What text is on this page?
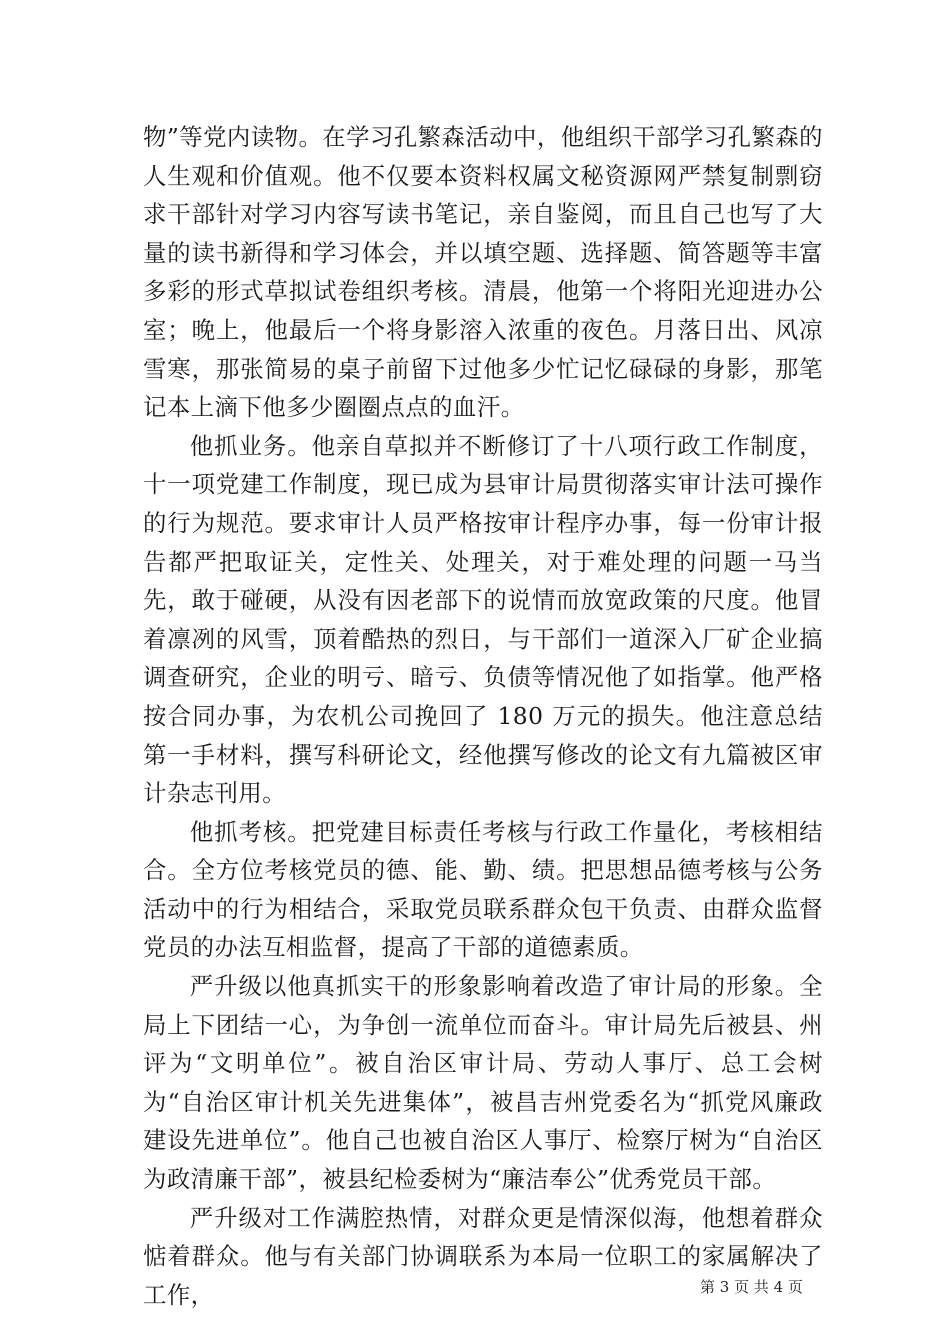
物”等党内读物。在学习孔繁森活动中，他组织干部学习孔繁森的人生观和价值观。他不仅要本资料权属文秘资源网严禁复制剽窃求干部针对学习内容写读书笔记，亲自鉴阅，而且自己也写了大量的读书新得和学习体会，并以填空题、选择题、简答题等丰富多彩的形式草拟试卷组织考核。清晨，他第一个将阳光迎进办公室；晚上，他最后一个将身影溶入浓重的夜色。月落日出、风凉雪寒，那张简易的桌子前留下过他多少忙记忆碌碌的身影，那笔记本上滴下他多少圈圈点点的血汗。

他抓业务。他亲自草拟并不断修订了十八项行政工作制度，十一项党建工作制度，现已成为县审计局贯彻落实审计法可操作的行为规范。要求审计人员严格按审计程序办事，每一份审计报告都严把取证关，定性关、处理关，对于难处理的问题一马当先，敢于碰硬，从没有因老部下的说情而放宽政策的尺度。他冒着凛冽的风雪，顶着酷热的烈日，与干部们一道深入厂矿企业搞调查研究，企业的明亏、暗亏、负债等情况他了如指掌。他严格按合同办事，为农机公司挽回了 180 万元的损失。他注意总结第一手材料，撰写科研论文，经他撰写修改的论文有九篇被区审计杂志刊用。

他抓考核。把党建目标责任考核与行政工作量化，考核相结合。全方位考核党员的德、能、勤、绩。把思想品德考核与公务活动中的行为相结合，采取党员联系群众包干负责、由群众监督党员的办法互相监督，提高了干部的道德素质。

严升级以他真抓实干的形象影响着改造了审计局的形象。全局上下团结一心，为争创一流单位而奋斗。审计局先后被县、州评为“文明单位”。被自治区审计局、劳动人事厅、总工会树为“自治区审计机关先进集体”，被昌吉州党委名为“抓党风廉政建设先进单位”。他自己也被自治区人事厅、检察厅树为“自治区为政清廉干部”，被县纪检委树为“廉洁奉公”优秀党员干部。

严升级对工作满腔热情，对群众更是情深似海，他想着群众惦着群众。他与有关部门协调联系为本局一位职工的家属解决了工作，	第 3 页 共 4 页
